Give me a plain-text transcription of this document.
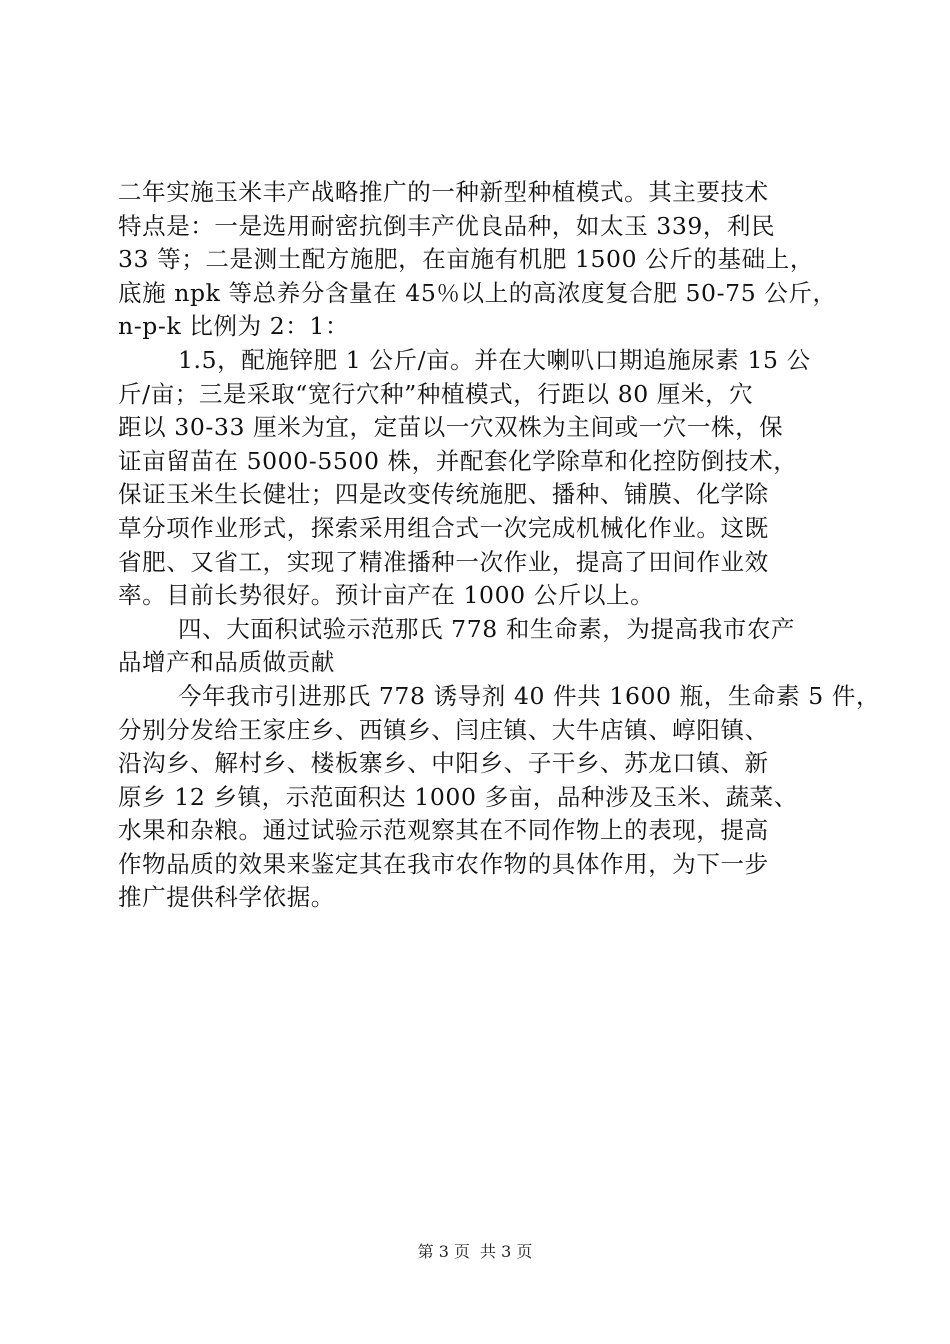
二年实施玉米丰产战略推广的一种新型种植模式。其主要技术
特点是：一是选用耐密抗倒丰产优良品种，如太玉 339，利民
33 等；二是测土配方施肥，在亩施有机肥 1500 公斤的基础上，
底施 npk 等总养分含量在 45％以上的高浓度复合肥 50-75 公斤，
n-p-k 比例为 2：1：
1.5，配施锌肥 1 公斤/亩。并在大喇叭口期追施尿素 15 公
斤/亩；三是采取“宽行穴种”种植模式，行距以 80 厘米，穴
距以 30-33 厘米为宜，定苗以一穴双株为主间或一穴一株，保
证亩留苗在 5000-5500 株，并配套化学除草和化控防倒技术，
保证玉米生长健壮；四是改变传统施肥、播种、铺膜、化学除
草分项作业形式，探索采用组合式一次完成机械化作业。这既
省肥、又省工，实现了精准播种一次作业，提高了田间作业效
率。目前长势很好。预计亩产在 1000 公斤以上。
四、大面积试验示范那氏 778 和生命素，为提高我市农产
品增产和品质做贡献
今年我市引进那氏 778 诱导剂 40 件共 1600 瓶，生命素 5 件，
分别分发给王家庄乡、西镇乡、闫庄镇、大牛店镇、崞阳镇、
沿沟乡、解村乡、楼板寨乡、中阳乡、子干乡、苏龙口镇、新
原乡 12 乡镇，示范面积达 1000 多亩，品种涉及玉米、蔬菜、
水果和杂粮。通过试验示范观察其在不同作物上的表现，提高
作物品质的效果来鉴定其在我市农作物的具体作用，为下一步
推广提供科学依据。
第 3 页 共 3 页
